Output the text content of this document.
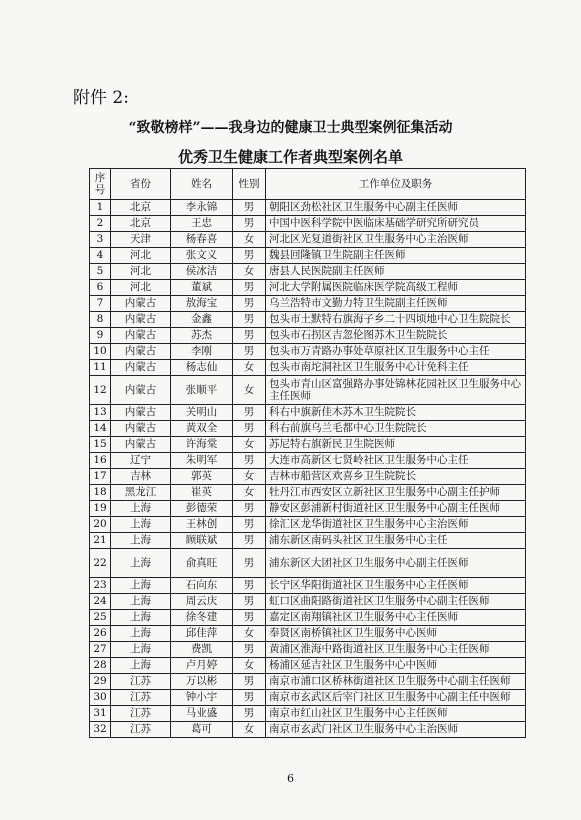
附件 2:
“致敬榜样”——我身边的健康卫士典型案例征集活动
优秀卫生健康工作者典型案例名单
序号	省份	姓名	性别	工作单位及职务
1	北京	李永锦	男	朝阳区劲松社区卫生服务中心副主任医师
2	北京	王忠	男	中国中医科学院中医临床基础学研究所研究员
3	天津	杨春喜	女	河北区光复道街社区卫生服务中心主治医师
4	河北	张文义	男	魏县回隆镇卫生院副主任医师
5	河北	侯冰洁	女	唐县人民医院副主任医师
6	河北	董斌	男	河北大学附属医院临床医学院高级工程师
7	内蒙古	敖海宝	男	乌兰浩特市文勤力特卫生院副主任医师
8	内蒙古	金鑫	男	包头市土默特右旗海子乡二十四顷地中心卫生院院长
9	内蒙古	苏杰	男	包头市石拐区吉忽伦图苏木卫生院院长
10	内蒙古	李刚	男	包头市万青路办事处草原社区卫生服务中心主任
11	内蒙古	杨志仙	女	包头市南坨洞社区卫生服务中心计免科主任
12	内蒙古	张顺平	女	包头市青山区富强路办事处锦林花园社区卫生服务中心主任医师
13	内蒙古	关明山	男	科右中旗新佳木苏木卫生院院长
14	内蒙古	黄双全	男	科右前旗乌兰毛都中心卫生院院长
15	内蒙古	许海棠	女	苏尼特右旗新民卫生院医师
16	辽宁	朱明军	男	大连市高新区七贤岭社区卫生服务中心主任
17	吉林	郭英	女	吉林市船营区欢喜乡卫生院院长
18	黑龙江	崔英	女	牡丹江市西安区立新社区卫生服务中心副主任护师
19	上海	彭德荣	男	静安区彭浦新村街道社区卫生服务中心副主任医师
20	上海	王林创	男	徐汇区龙华街道社区卫生服务中心主治医师
21	上海	顾联斌	男	浦东新区南码头社区卫生服务中心主任
22	上海	俞真旺	男	浦东新区大团社区卫生服务中心副主任医师
23	上海	石向东	男	长宁区华阳街道社区卫生服务中心主任医师
24	上海	周云庆	男	虹口区曲阳路街道社区卫生服务中心副主任医师
25	上海	徐冬建	男	嘉定区南翔镇社区卫生服务中心主任医师
26	上海	邱佳萍	女	奉贤区南桥镇社区卫生服务中心医师
27	上海	费凯	男	黄浦区淮海中路街道社区卫生服务中心主任医师
28	上海	卢月婷	女	杨浦区延吉社区卫生服务中心中医师
29	江苏	万以彬	男	南京市浦口区桥林街道社区卫生服务中心副主任医师
30	江苏	钟小宇	男	南京市玄武区后宰门社区卫生服务中心副主任中医师
31	江苏	马业盛	男	南京市红山社区卫生服务中心主任医师
32	江苏	葛可	女	南京市玄武门社区卫生服务中心主治医师
6
